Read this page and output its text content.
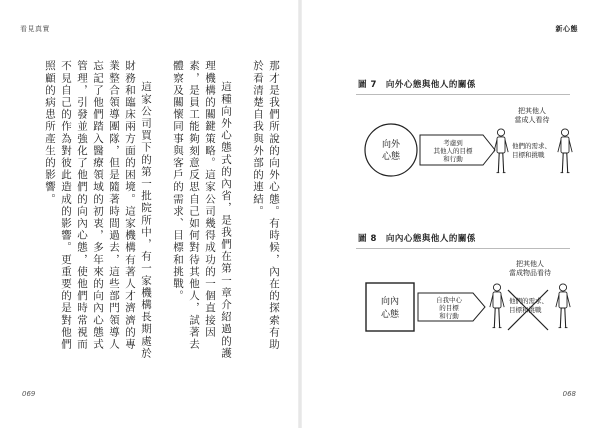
看見真實	新心態

那才是我們所說的向外心態。有時候，內在的探索有助於看清楚自我與外部的連結。

這種向外心態式的內省，是我們在第一章介紹過的護理機構的關鍵策略。這家公司幾得成功的一個直接因素，是員工能夠刻意反思自己如何對待其他人，試著去體察及關懷同事與客戶的需求、目標和挑戰。

這家公司買下的第一批院所中，有一家機構長期處於財務和臨床兩方面的困境。這家機構有著人才濟濟的專業整合領導團隊，但是隨著時間過去，這些部門領導人忘記了他們踏入醫療領域的初衷，多年來的向內心態式管理，引發並強化了他們的向內心態，使他們時常視而不見自己的作為對彼此造成的影響。更重要的是對他們照顧的病患所產生的影響。	圖 7　向外心態與他人的關係
圖 8　向內心態與他人的關係
向外
心態
考慮到
其他人的目標
和行動
把其他人
當成人看待
他們的需求、
目標和挑戰
向內
心態
自我中心
的目標
和行動
把其他人
當成物品看待
他們的需求、
目標和挑戰
069	068
